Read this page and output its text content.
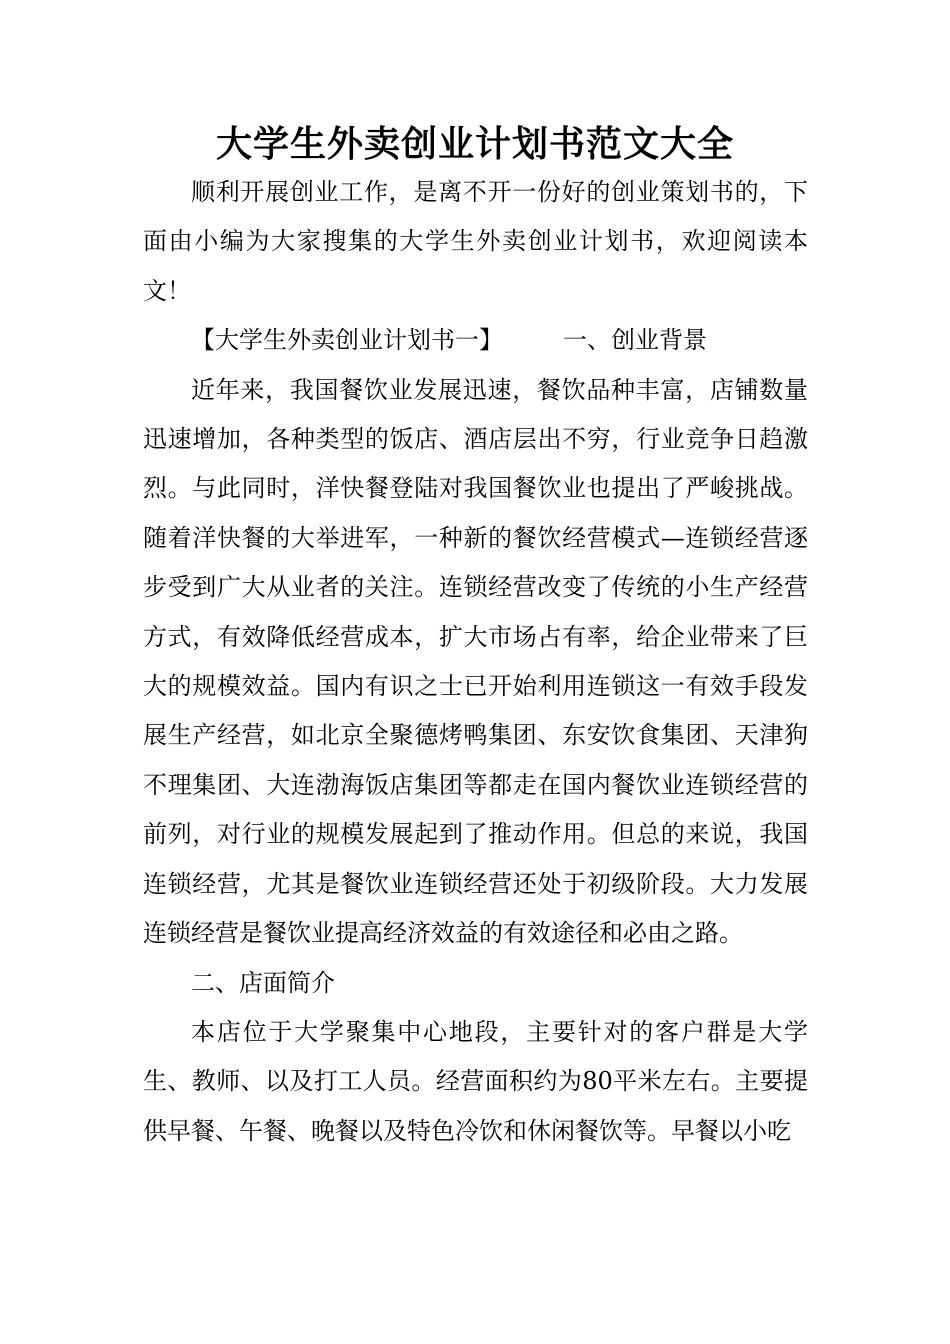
大学生外卖创业计划书范文大全

顺利开展创业工作，是离不开一份好的创业策划书的，下面由小编为大家搜集的大学生外卖创业计划书，欢迎阅读本文！

【大学生外卖创业计划书一】	一、创业背景

近年来，我国餐饮业发展迅速，餐饮品种丰富，店铺数量迅速增加，各种类型的饭店、酒店层出不穷，行业竞争日趋激烈。与此同时，洋快餐登陆对我国餐饮业也提出了严峻挑战。随着洋快餐的大举进军，一种新的餐饮经营模式—连锁经营逐步受到广大从业者的关注。连锁经营改变了传统的小生产经营方式，有效降低经营成本，扩大市场占有率，给企业带来了巨大的规模效益。国内有识之士已开始利用连锁这一有效手段发展生产经营，如北京全聚德烤鸭集团、东安饮食集团、天津狗不理集团、大连渤海饭店集团等都走在国内餐饮业连锁经营的前列，对行业的规模发展起到了推动作用。但总的来说，我国连锁经营，尤其是餐饮业连锁经营还处于初级阶段。大力发展连锁经营是餐饮业提高经济效益的有效途径和必由之路。

二、店面简介

本店位于大学聚集中心地段，主要针对的客户群是大学生、教师、以及打工人员。经营面积约为80平米左右。主要提供早餐、午餐、晚餐以及特色冷饮和休闲餐饮等。早餐以小吃
